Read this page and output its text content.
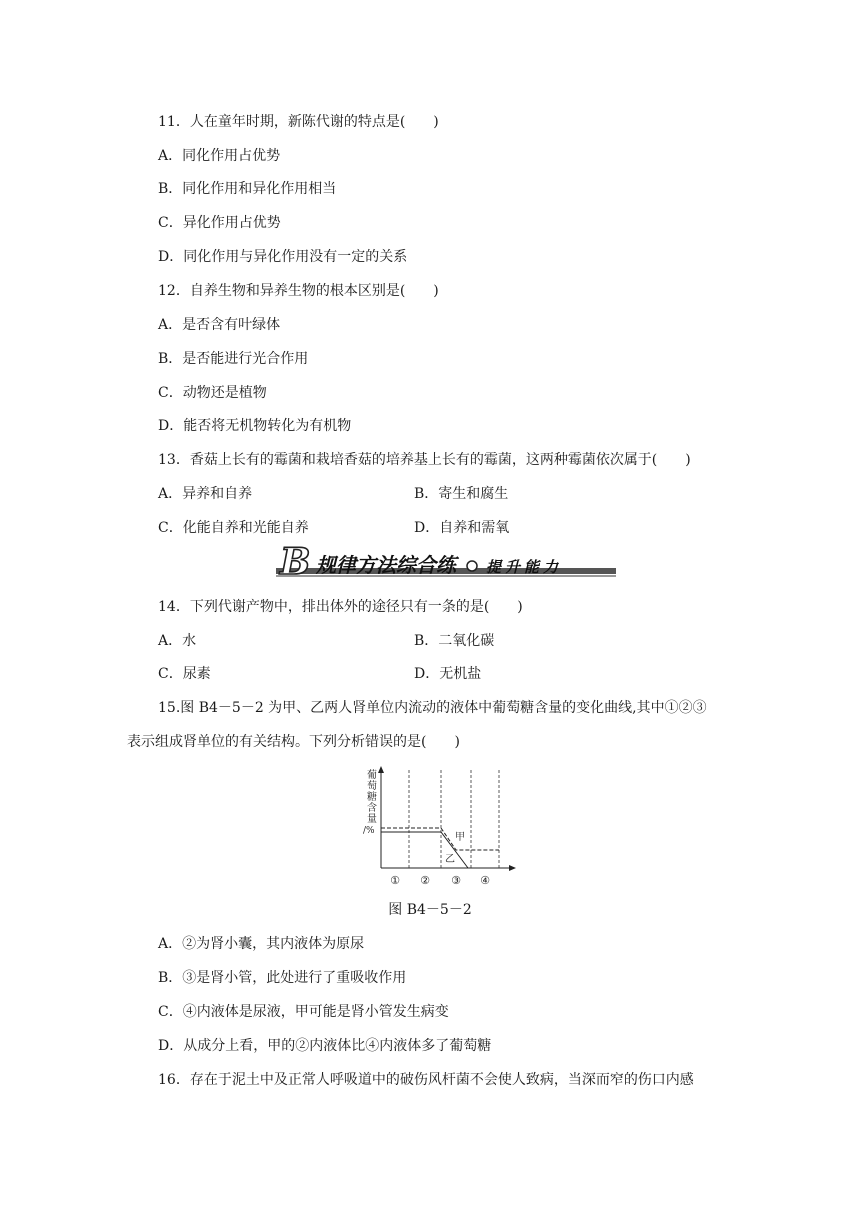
11．人在童年时期，新陈代谢的特点是(　　)
A．同化作用占优势
B．同化作用和异化作用相当
C．异化作用占优势
D．同化作用与异化作用没有一定的关系
12．自养生物和异养生物的根本区别是(　　)
A．是否含有叶绿体
B．是否能进行光合作用
C．动物还是植物
D．能否将无机物转化为有机物
13．香菇上长有的霉菌和栽培香菇的培养基上长有的霉菌，这两种霉菌依次属于(　　)
A．异养和自养	B．寄生和腐生
C．化能自养和光能自养	D．自养和需氧
B 规律方法综合练 提升能力
14．下列代谢产物中，排出体外的途径只有一条的是(　　)
A．水	B．二氧化碳
C．尿素	D．无机盐
15.图 B4－5－2 为甲、乙两人肾单位内流动的液体中葡萄糖含量的变化曲线,其中①②③
表示组成肾单位的有关结构。下列分析错误的是(　　)
葡
萄
糖
含
量
/%
甲
乙
① ② ③ ④
图 B4－5－2
A．②为肾小囊，其内液体为原尿
B．③是肾小管，此处进行了重吸收作用
C．④内液体是尿液，甲可能是肾小管发生病变
D．从成分上看，甲的②内液体比④内液体多了葡萄糖
16．存在于泥土中及正常人呼吸道中的破伤风杆菌不会使人致病，当深而窄的伤口内感
